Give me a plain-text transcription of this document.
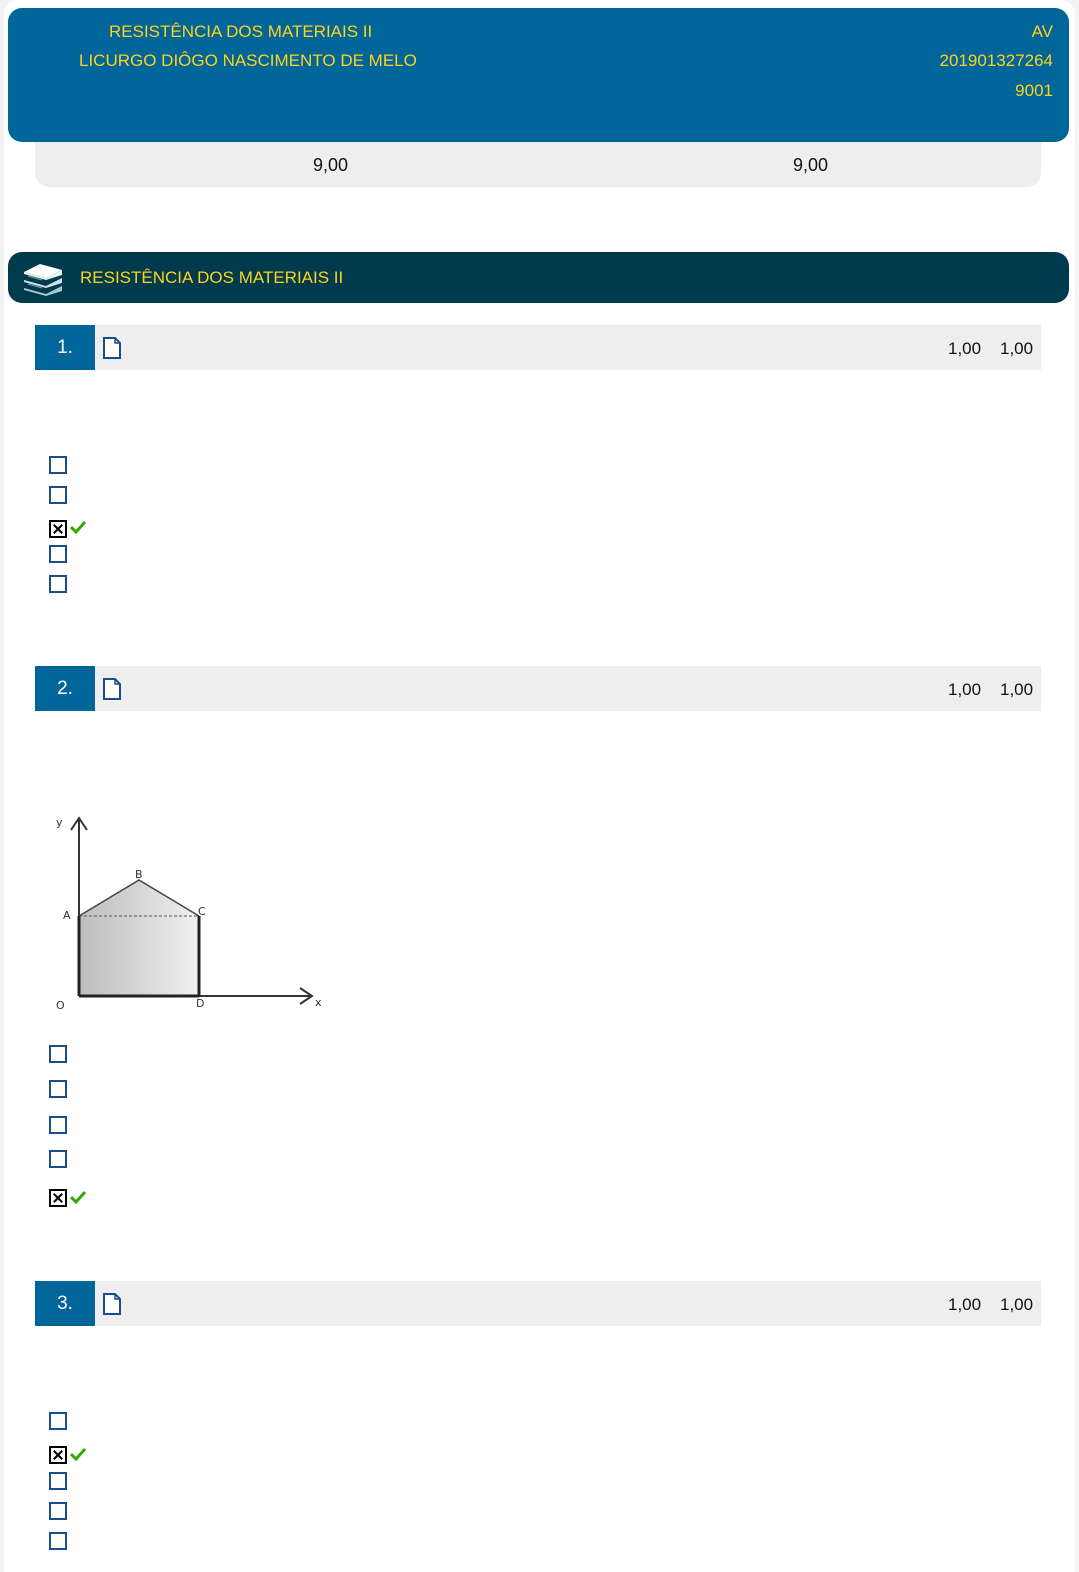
RESISTÊNCIA DOS MATERIAIS II
LICURGO DIÔGO NASCIMENTO DE MELO
AV
201901327264
9001
9,00	9,00
RESISTÊNCIA DOS MATERIAIS II
1.	1,00 1,00
2.	1,00 1,00
y
x
O
A
B
C
D
3.	1,00 1,00
